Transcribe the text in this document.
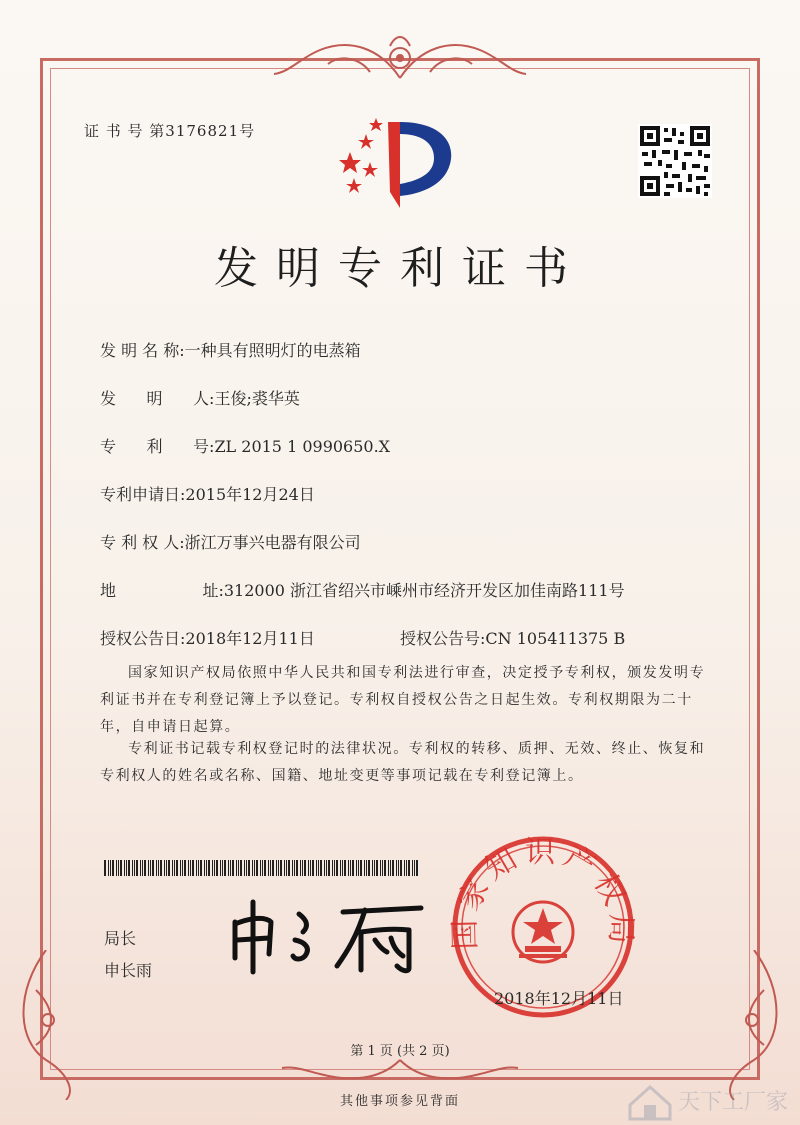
证 书 号 第3176821号
发明专利证书
发 明 名 称:一种具有照明灯的电蒸箱
发      明      人:王俊;裘华英
专      利      号:ZL 2015 1 0990650.X
专利申请日:2015年12月24日
专 利 权 人:浙江万事兴电器有限公司
地                 址:312000 浙江省绍兴市嵊州市经济开发区加佳南路111号
授权公告日:2018年12月11日	授权公告号:CN 105411375 B
国家知识产权局依照中华人民共和国专利法进行审查，决定授予专利权，颁发发明专利证书并在专利登记簿上予以登记。专利权自授权公告之日起生效。专利权期限为二十年，自申请日起算。
专利证书记载专利权登记时的法律状况。专利权的转移、质押、无效、终止、恢复和专利权人的姓名或名称、国籍、地址变更等事项记载在专利登记簿上。
局长
申长雨
国家知识产权局
2018年12月11日
第 1 页 (共 2 页)
其他事项参见背面	天下工厂家
